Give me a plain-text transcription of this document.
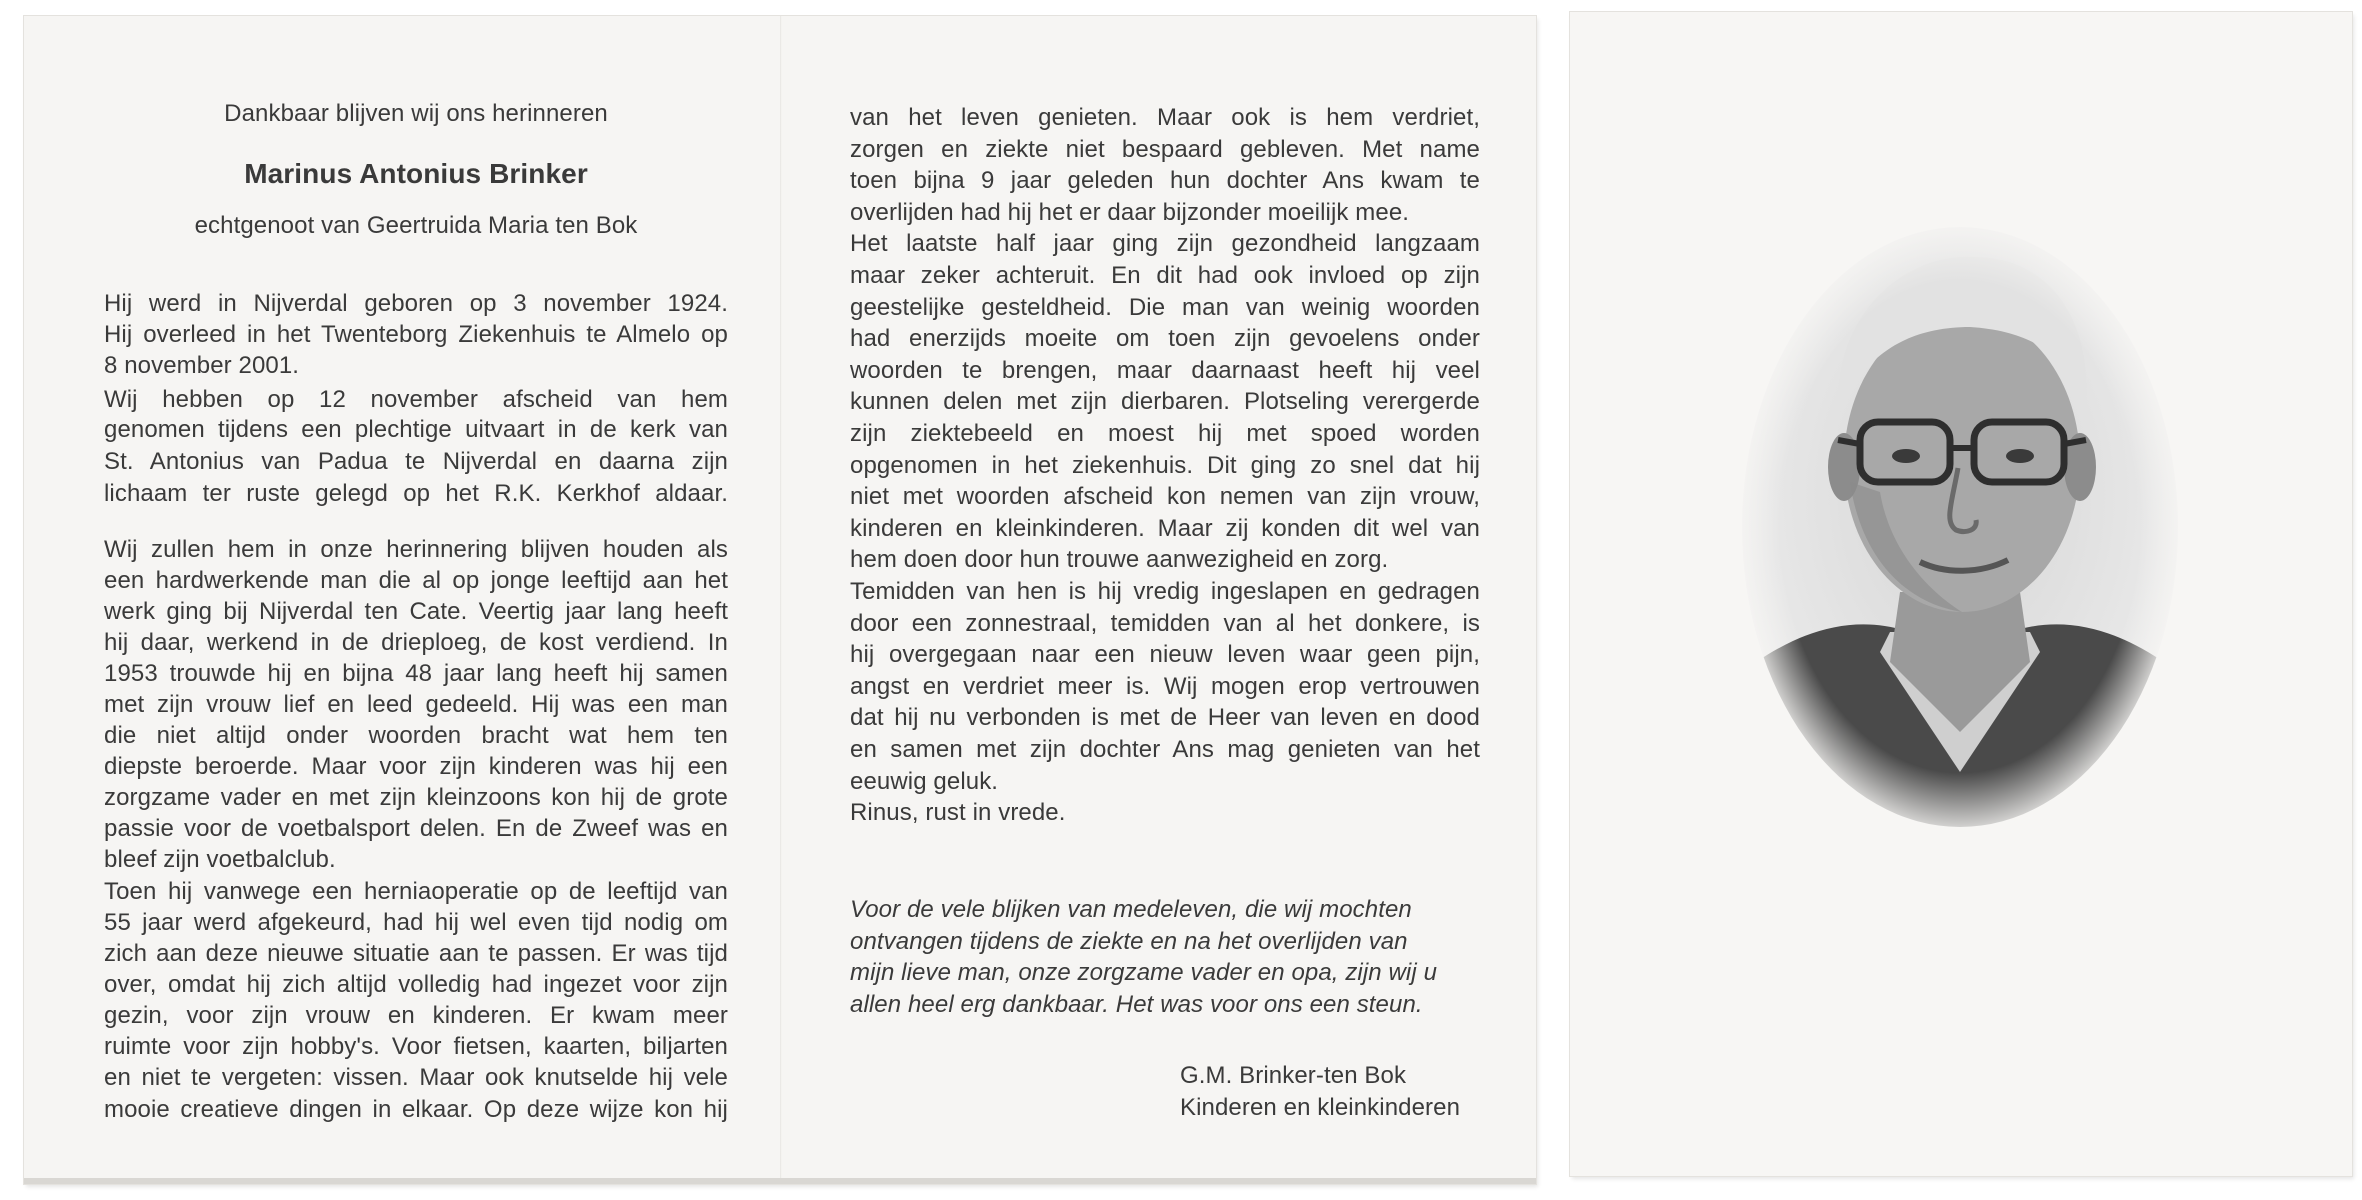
Dankbaar blijven wij ons herinneren
Marinus Antonius Brinker
echtgenoot van Geertruida Maria ten Bok
Hij werd in Nijverdal geboren op 3 november 1924.
Hij overleed in het Twenteborg Ziekenhuis te Almelo op
8 november 2001.
Wij hebben op 12 november afscheid van hem
genomen tijdens een plechtige uitvaart in de kerk van
St. Antonius van Padua te Nijverdal en daarna zijn
lichaam ter ruste gelegd op het R.K. Kerkhof aldaar.
Wij zullen hem in onze herinnering blijven houden als
een hardwerkende man die al op jonge leeftijd aan het
werk ging bij Nijverdal ten Cate. Veertig jaar lang heeft
hij daar, werkend in de drieploeg, de kost verdiend. In
1953 trouwde hij en bijna 48 jaar lang heeft hij samen
met zijn vrouw lief en leed gedeeld. Hij was een man
die niet altijd onder woorden bracht wat hem ten
diepste beroerde. Maar voor zijn kinderen was hij een
zorgzame vader en met zijn kleinzoons kon hij de grote
passie voor de voetbalsport delen. En de Zweef was en
bleef zijn voetbalclub.
Toen hij vanwege een herniaoperatie op de leeftijd van
55 jaar werd afgekeurd, had hij wel even tijd nodig om
zich aan deze nieuwe situatie aan te passen. Er was tijd
over, omdat hij zich altijd volledig had ingezet voor zijn
gezin, voor zijn vrouw en kinderen. Er kwam meer
ruimte voor zijn hobby's. Voor fietsen, kaarten, biljarten
en niet te vergeten: vissen. Maar ook knutselde hij vele
mooie creatieve dingen in elkaar. Op deze wijze kon hij
van het leven genieten. Maar ook is hem verdriet,
zorgen en ziekte niet bespaard gebleven. Met name
toen bijna 9 jaar geleden hun dochter Ans kwam te
overlijden had hij het er daar bijzonder moeilijk mee.
Het laatste half jaar ging zijn gezondheid langzaam
maar zeker achteruit. En dit had ook invloed op zijn
geestelijke gesteldheid. Die man van weinig woorden
had enerzijds moeite om toen zijn gevoelens onder
woorden te brengen, maar daarnaast heeft hij veel
kunnen delen met zijn dierbaren. Plotseling verergerde
zijn ziektebeeld en moest hij met spoed worden
opgenomen in het ziekenhuis. Dit ging zo snel dat hij
niet met woorden afscheid kon nemen van zijn vrouw,
kinderen en kleinkinderen. Maar zij konden dit wel van
hem doen door hun trouwe aanwezigheid en zorg.
Temidden van hen is hij vredig ingeslapen en gedragen
door een zonnestraal, temidden van al het donkere, is
hij overgegaan naar een nieuw leven waar geen pijn,
angst en verdriet meer is. Wij mogen erop vertrouwen
dat hij nu verbonden is met de Heer van leven en dood
en samen met zijn dochter Ans mag genieten van het
eeuwig geluk.
Rinus, rust in vrede.
Voor de vele blijken van medeleven, die wij mochten
ontvangen tijdens de ziekte en na het overlijden van
mijn lieve man, onze zorgzame vader en opa, zijn wij u
allen heel erg dankbaar. Het was voor ons een steun.
G.M. Brinker-ten Bok
Kinderen en kleinkinderen
